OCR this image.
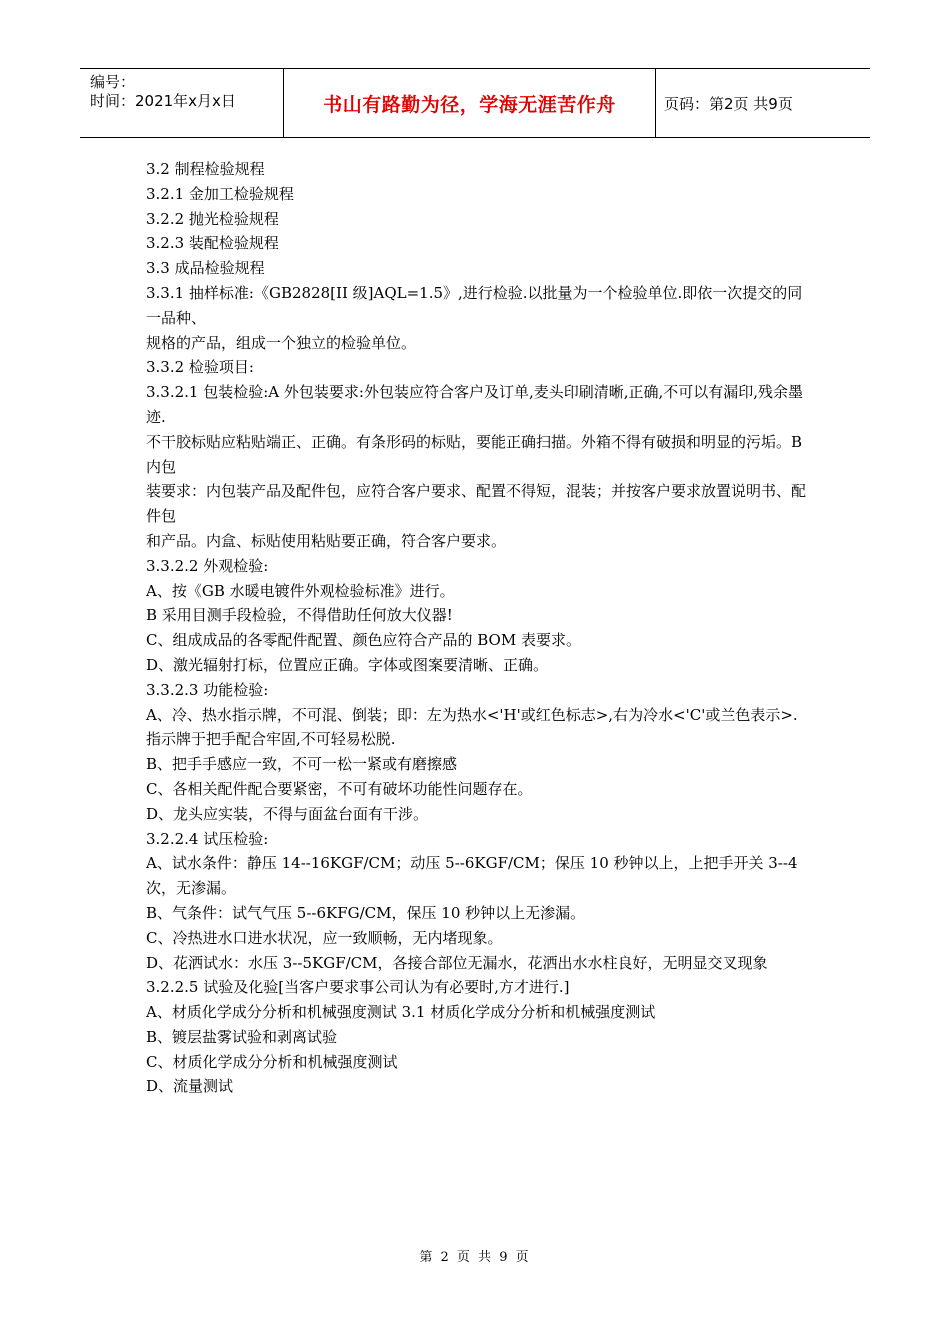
编号：
时间：2021年x月x日	书山有路勤为径，学海无涯苦作舟	页码：第2页 共9页

3.2 制程检验规程

3.2.1 金加工检验规程

3.2.2 抛光检验规程

3.2.3 装配检验规程

3.3 成品检验规程

3.3.1 抽样标准:《GB2828[II 级]AQL=1.5》,进行检验.以批量为一个检验单位.即依一次提交的同一品种、

规格的产品，组成一个独立的检验单位。

3.3.2 检验项目:

3.3.2.1 包装检验:A 外包装要求:外包装应符合客户及订单,麦头印刷清晰,正确,不可以有漏印,残余墨迹.

不干胶标贴应粘贴端正、正确。有条形码的标贴，要能正确扫描。外箱不得有破损和明显的污垢。B 内包

装要求：内包装产品及配件包，应符合客户要求、配置不得短，混装；并按客户要求放置说明书、配件包

和产品。内盒、标贴使用粘贴要正确，符合客户要求。

3.3.2.2 外观检验:

A、按《GB 水暖电镀件外观检验标准》进行。

B 采用目测手段检验，不得借助任何放大仪器!

C、组成成品的各零配件配置、颜色应符合产品的 BOM 表要求。

D、激光辐射打标，位置应正确。字体或图案要清晰、正确。

3.3.2.3 功能检验:

A、冷、热水指示牌，不可混、倒装；即：左为热水<'H'或红色标志>,右为冷水<'C'或兰色表示>.

指示牌于把手配合牢固,不可轻易松脱.

B、把手手感应一致，不可一松一紧或有磨擦感

C、各相关配件配合要紧密，不可有破坏功能性问题存在。

D、龙头应实装，不得与面盆台面有干涉。

3.2.2.4 试压检验:

A、试水条件：静压 14--16KGF/CM；动压 5--6KGF/CM；保压 10 秒钟以上，上把手开关 3--4 次，无渗漏。

B、气条件：试气气压 5--6KFG/CM，保压 10 秒钟以上无渗漏。

C、冷热进水口进水状况，应一致顺畅，无内堵现象。

D、花洒试水：水压 3--5KGF/CM，各接合部位无漏水，花洒出水水柱良好，无明显交叉现象

3.2.2.5 试验及化验[当客户要求事公司认为有必要时,方才进行.]

A、材质化学成分分析和机械强度测试 3.1 材质化学成分分析和机械强度测试

B、镀层盐雾试验和剥离试验

C、材质化学成分分析和机械强度测试

D、流量测试

第 2 页 共 9 页
